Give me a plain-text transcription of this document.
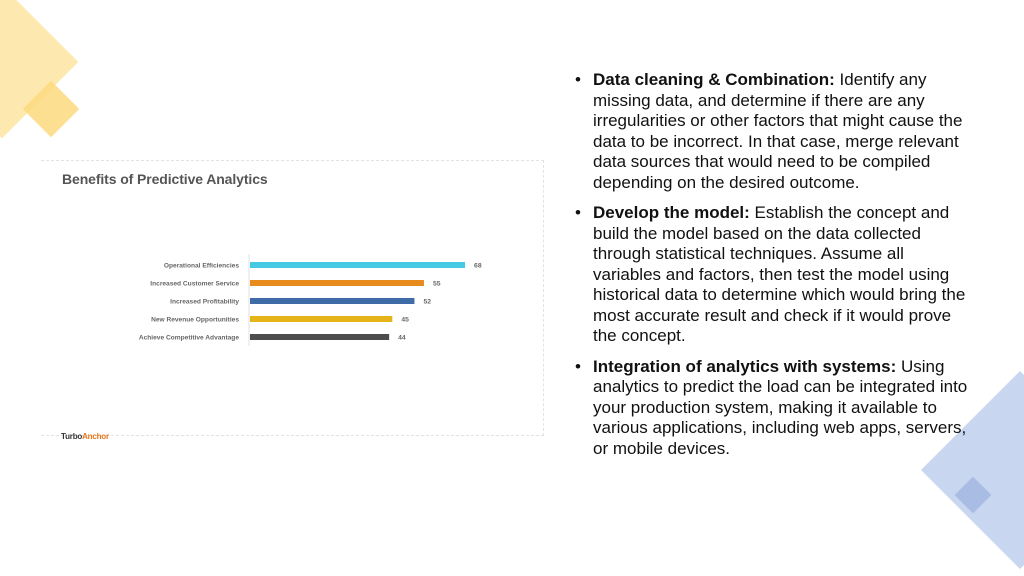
Benefits of Predictive Analytics
Operational Efficiencies	68
Increased Customer Service	55
Increased Profitability	52
New Revenue Opportunities	45
Achieve Competitive Advantage	44
TurboAnchor
• Data cleaning & Combination: Identify any missing data, and determine if there are any irregularities or other factors that might cause the data to be incorrect. In that case, merge relevant data sources that would need to be compiled depending on the desired outcome.
• Develop the model: Establish the concept and build the model based on the data collected through statistical techniques. Assume all variables and factors, then test the model using historical data to determine which would bring the most accurate result and check if it would prove the concept.
• Integration of analytics with systems: Using analytics to predict the load can be integrated into your production system, making it available to various applications, including web apps, servers, or mobile devices.
